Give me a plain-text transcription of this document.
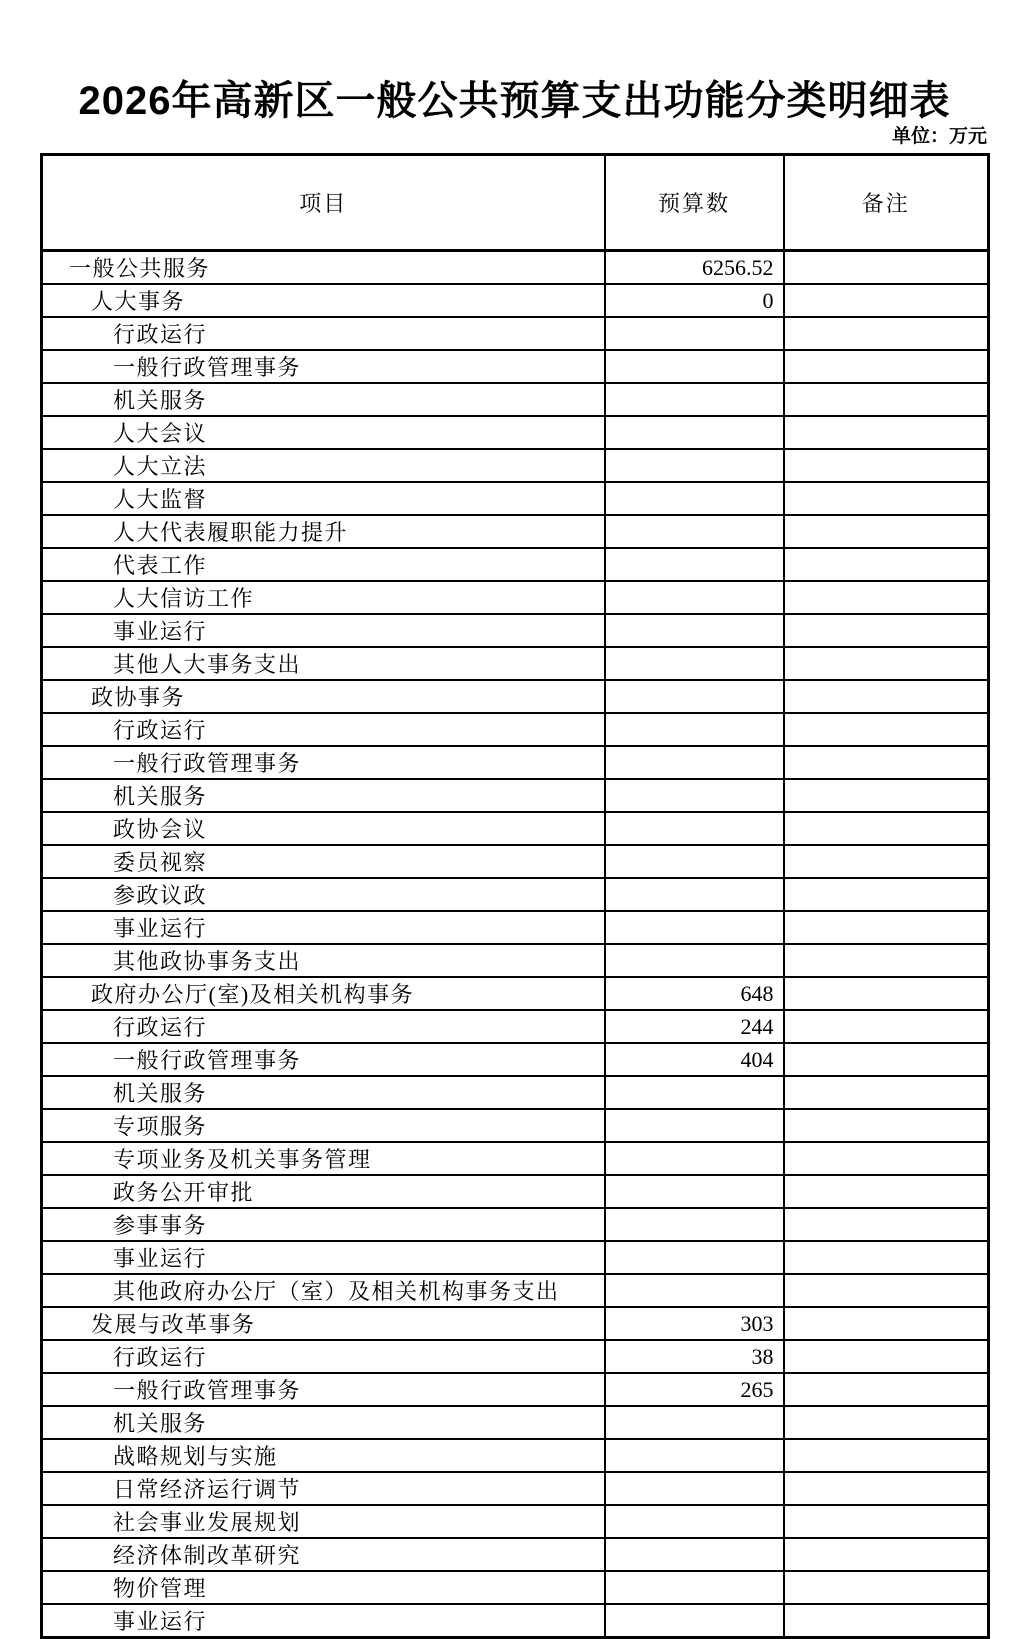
2026年高新区一般公共预算支出功能分类明细表
单位：万元
项目	预算数	备注
一般公共服务	6256.52	
人大事务	0	
行政运行		
一般行政管理事务		
机关服务		
人大会议		
人大立法		
人大监督		
人大代表履职能力提升		
代表工作		
人大信访工作		
事业运行		
其他人大事务支出		
政协事务		
行政运行		
一般行政管理事务		
机关服务		
政协会议		
委员视察		
参政议政		
事业运行		
其他政协事务支出		
政府办公厅(室)及相关机构事务	648	
行政运行	244	
一般行政管理事务	404	
机关服务		
专项服务		
专项业务及机关事务管理		
政务公开审批		
参事事务		
事业运行		
其他政府办公厅（室）及相关机构事务支出		
发展与改革事务	303	
行政运行	38	
一般行政管理事务	265	
机关服务		
战略规划与实施		
日常经济运行调节		
社会事业发展规划		
经济体制改革研究		
物价管理		
事业运行		
